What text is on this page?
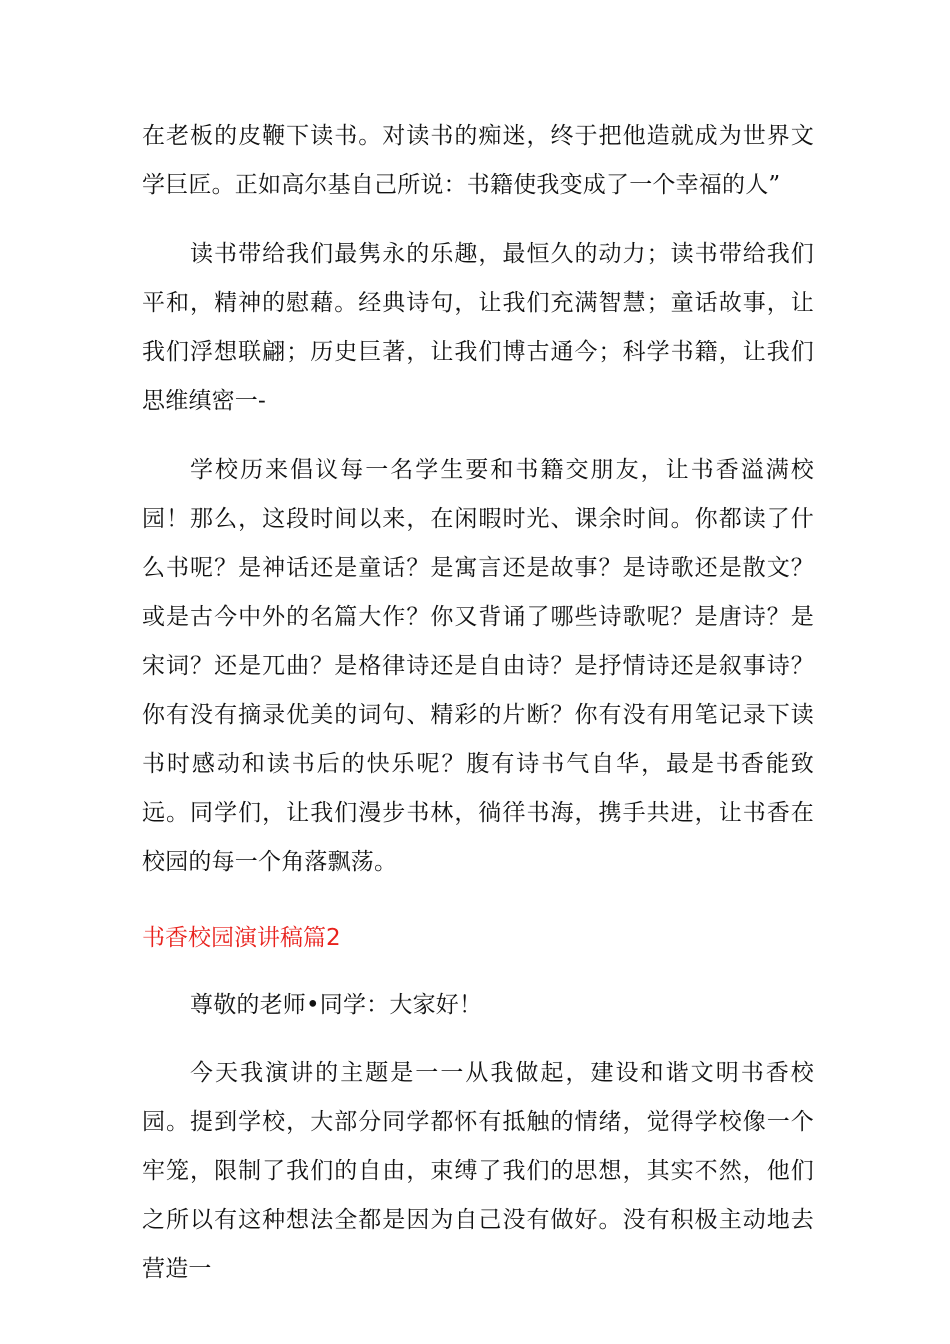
在老板的皮鞭下读书。对读书的痴迷，终于把他造就成为世界文学巨匠。正如高尔基自己所说：书籍使我变成了一个幸福的人”

读书带给我们最隽永的乐趣，最恒久的动力；读书带给我们平和，精神的慰藉。经典诗句，让我们充满智慧；童话故事，让我们浮想联翩；历史巨著，让我们博古通今；科学书籍，让我们思维缜密一-

学校历来倡议每一名学生要和书籍交朋友，让书香溢满校园！那么，这段时间以来，在闲暇时光、课余时间。你都读了什么书呢？是神话还是童话？是寓言还是故事？是诗歌还是散文？或是古今中外的名篇大作？你又背诵了哪些诗歌呢？是唐诗？是宋词？还是兀曲？是格律诗还是自由诗？是抒情诗还是叙事诗？你有没有摘录优美的词句、精彩的片断？你有没有用笔记录下读书时感动和读书后的快乐呢？腹有诗书气自华，最是书香能致远。同学们，让我们漫步书林，徜徉书海，携手共进，让书香在校园的每一个角落飘荡。

书香校园演讲稿篇2

尊敬的老师•同学：大家好！

今天我演讲的主题是一一从我做起，建设和谐文明书香校园。提到学校，大部分同学都怀有抵触的情绪，觉得学校像一个牢笼，限制了我们的自由，束缚了我们的思想，其实不然，他们之所以有这种想法全都是因为自己没有做好。没有积极主动地去营造一
